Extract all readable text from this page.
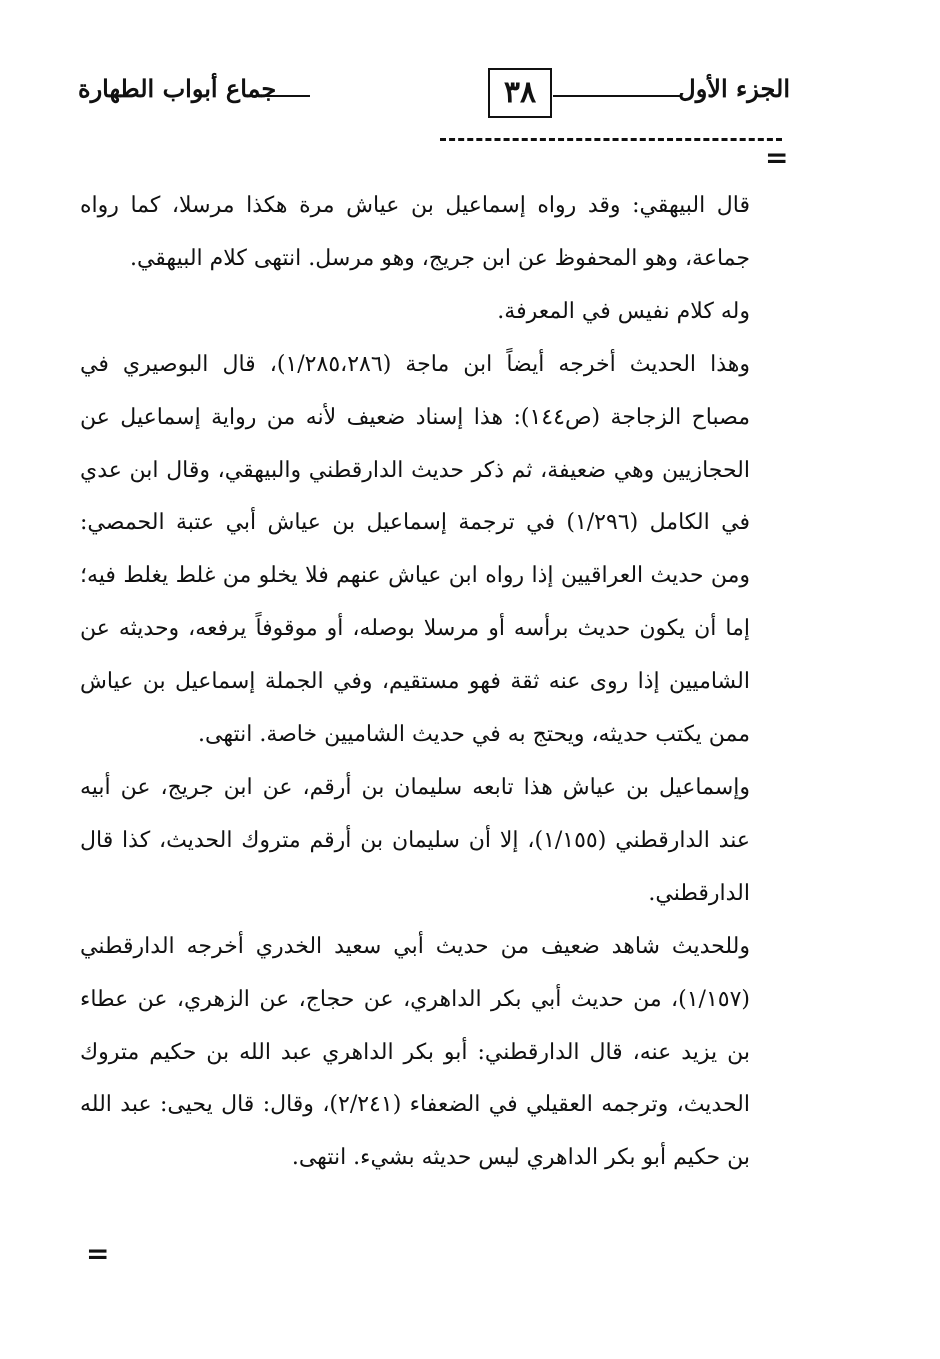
الجزء الأول
٣٨
جماع أبواب الطهارة
=

قال البيهقي: وقد رواه إسماعيل بن عياش مرة هكذا مرسلا، كما رواه جماعة، وهو المحفوظ عن ابن جريج، وهو مرسل. انتهى كلام البيهقي.

وله كلام نفيس في المعرفة.

وهذا الحديث أخرجه أيضاً ابن ماجة (١/٢٨٥،٢٨٦)، قال البوصيري في مصباح الزجاجة (ص١٤٤): هذا إسناد ضعيف لأنه من رواية إسماعيل عن الحجازيين وهي ضعيفة، ثم ذكر حديث الدارقطني والبيهقي، وقال ابن عدي في الكامل (١/٢٩٦) في ترجمة إسماعيل بن عياش أبي عتبة الحمصي: ومن حديث العراقيين إذا رواه ابن عياش عنهم فلا يخلو من غلط يغلط فيه؛ إما أن يكون حديث برأسه أو مرسلا بوصله، أو موقوفاً يرفعه، وحديثه عن الشاميين إذا روى عنه ثقة فهو مستقيم، وفي الجملة إسماعيل بن عياش ممن يكتب حديثه، ويحتج به في حديث الشاميين خاصة. انتهى.

وإسماعيل بن عياش هذا تابعه سليمان بن أرقم، عن ابن جريج، عن أبيه عند الدارقطني (١/١٥٥)، إلا أن سليمان بن أرقم متروك الحديث، كذا قال الدارقطني.

وللحديث شاهد ضعيف من حديث أبي سعيد الخدري أخرجه الدارقطني (١/١٥٧)، من حديث أبي بكر الداهري، عن حجاج، عن الزهري، عن عطاء بن يزيد عنه، قال الدارقطني: أبو بكر الداهري عبد الله بن حكيم متروك الحديث، وترجمه العقيلي في الضعفاء (٢/٢٤١)، وقال: قال يحيى: عبد الله بن حكيم أبو بكر الداهري ليس حديثه بشيء. انتهى.

=
